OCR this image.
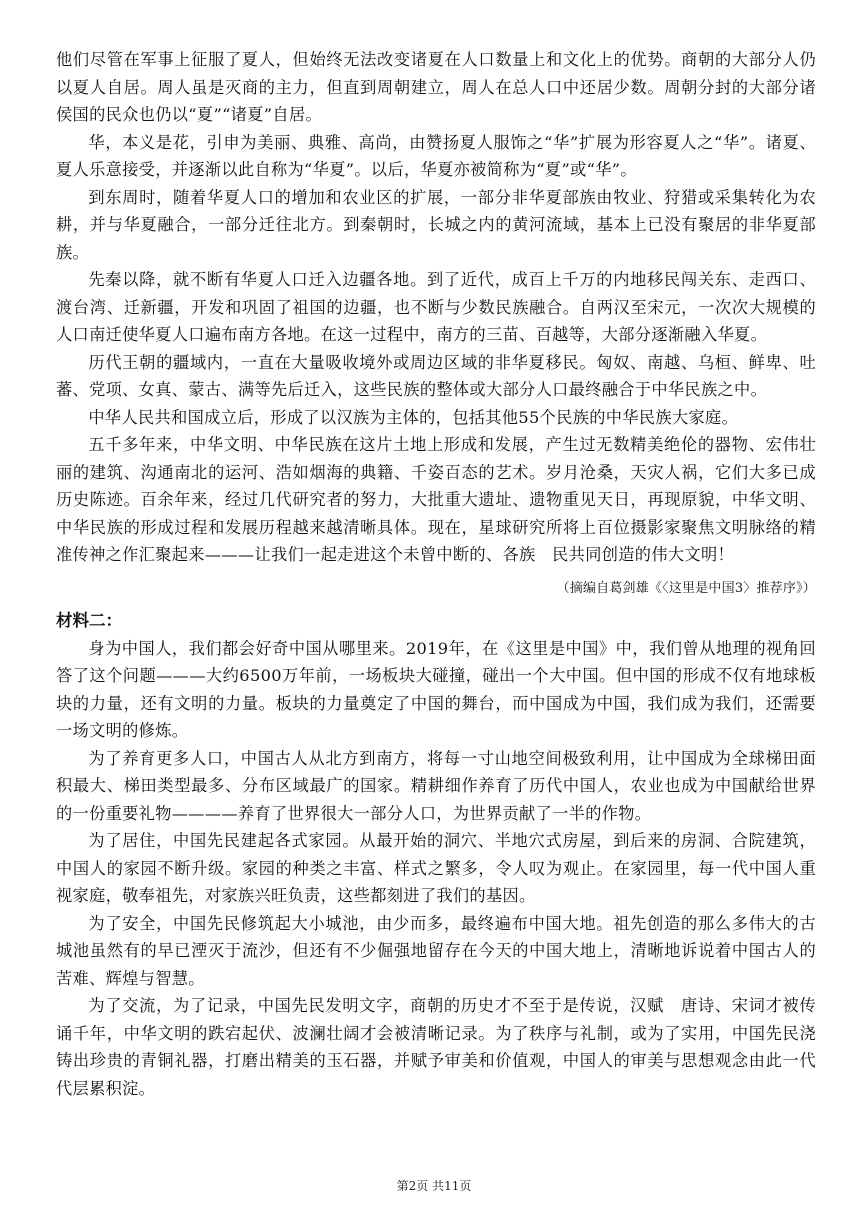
他们尽管在军事上征服了夏人，但始终无法改变诸夏在人口数量上和文化上的优势。商朝的大部分人仍以夏人自居。周人虽是灭商的主力，但直到周朝建立，周人在总人口中还居少数。周朝分封的大部分诸侯国的民众也仍以“夏”“诸夏”自居。

华，本义是花，引申为美丽、典雅、高尚，由赞扬夏人服饰之“华”扩展为形容夏人之“华”。诸夏、夏人乐意接受，并逐渐以此自称为“华夏”。以后，华夏亦被简称为“夏”或“华”。

到东周时，随着华夏人口的增加和农业区的扩展，一部分非华夏部族由牧业、狩猎或采集转化为农耕，并与华夏融合，一部分迁往北方。到秦朝时，长城之内的黄河流域，基本上已没有聚居的非华夏部族。

先秦以降，就不断有华夏人口迁入边疆各地。到了近代，成百上千万的内地移民闯关东、走西口、渡台湾、迁新疆，开发和巩固了祖国的边疆，也不断与少数民族融合。自两汉至宋元，一次次大规模的人口南迁使华夏人口遍布南方各地。在这一过程中，南方的三苗、百越等，大部分逐渐融入华夏。

历代王朝的疆域内，一直在大量吸收境外或周边区域的非华夏移民。匈奴、南越、乌桓、鲜卑、吐蕃、党项、女真、蒙古、满等先后迁入，这些民族的整体或大部分人口最终融合于中华民族之中。

中华人民共和国成立后，形成了以汉族为主体的，包括其他55个民族的中华民族大家庭。

五千多年来，中华文明、中华民族在这片土地上形成和发展，产生过无数精美绝伦的器物、宏伟壮丽的建筑、沟通南北的运河、浩如烟海的典籍、千姿百态的艺术。岁月沧桑，天灾人祸，它们大多已成历史陈迹。百余年来，经过几代研究者的努力，大批重大遗址、遗物重见天日，再现原貌，中华文明、中华民族的形成过程和发展历程越来越清晰具体。现在，星球研究所将上百位摄影家聚焦文明脉络的精准传神之作汇聚起来———让我们一起走进这个未曾中断的、各族　民共同创造的伟大文明！

（摘编自葛剑雄《〈这里是中国3〉推荐序》）

材料二：

身为中国人，我们都会好奇中国从哪里来。2019年，在《这里是中国》中，我们曾从地理的视角回答了这个问题———大约6500万年前，一场板块大碰撞，碰出一个大中国。但中国的形成不仅有地球板块的力量，还有文明的力量。板块的力量奠定了中国的舞台，而中国成为中国，我们成为我们，还需要一场文明的修炼。

为了养育更多人口，中国古人从北方到南方，将每一寸山地空间极致利用，让中国成为全球梯田面积最大、梯田类型最多、分布区域最广的国家。精耕细作养育了历代中国人，农业也成为中国献给世界的一份重要礼物————养育了世界很大一部分人口，为世界贡献了一半的作物。

为了居住，中国先民建起各式家园。从最开始的洞穴、半地穴式房屋，到后来的房洞、合院建筑，中国人的家园不断升级。家园的种类之丰富、样式之繁多，令人叹为观止。在家园里，每一代中国人重视家庭，敬奉祖先，对家族兴旺负责，这些都刻进了我们的基因。

为了安全，中国先民修筑起大小城池，由少而多，最终遍布中国大地。祖先创造的那么多伟大的古城池虽然有的早已湮灭于流沙，但还有不少倔强地留存在今天的中国大地上，清晰地诉说着中国古人的苦难、辉煌与智慧。

为了交流，为了记录，中国先民发明文字，商朝的历史才不至于是传说，汉赋　唐诗、宋词才被传诵千年，中华文明的跌宕起伏、波澜壮阔才会被清晰记录。为了秩序与礼制，或为了实用，中国先民浇铸出珍贵的青铜礼器，打磨出精美的玉石器，并赋予审美和价值观，中国人的审美与思想观念由此一代代层累积淀。

第2页 共11页
